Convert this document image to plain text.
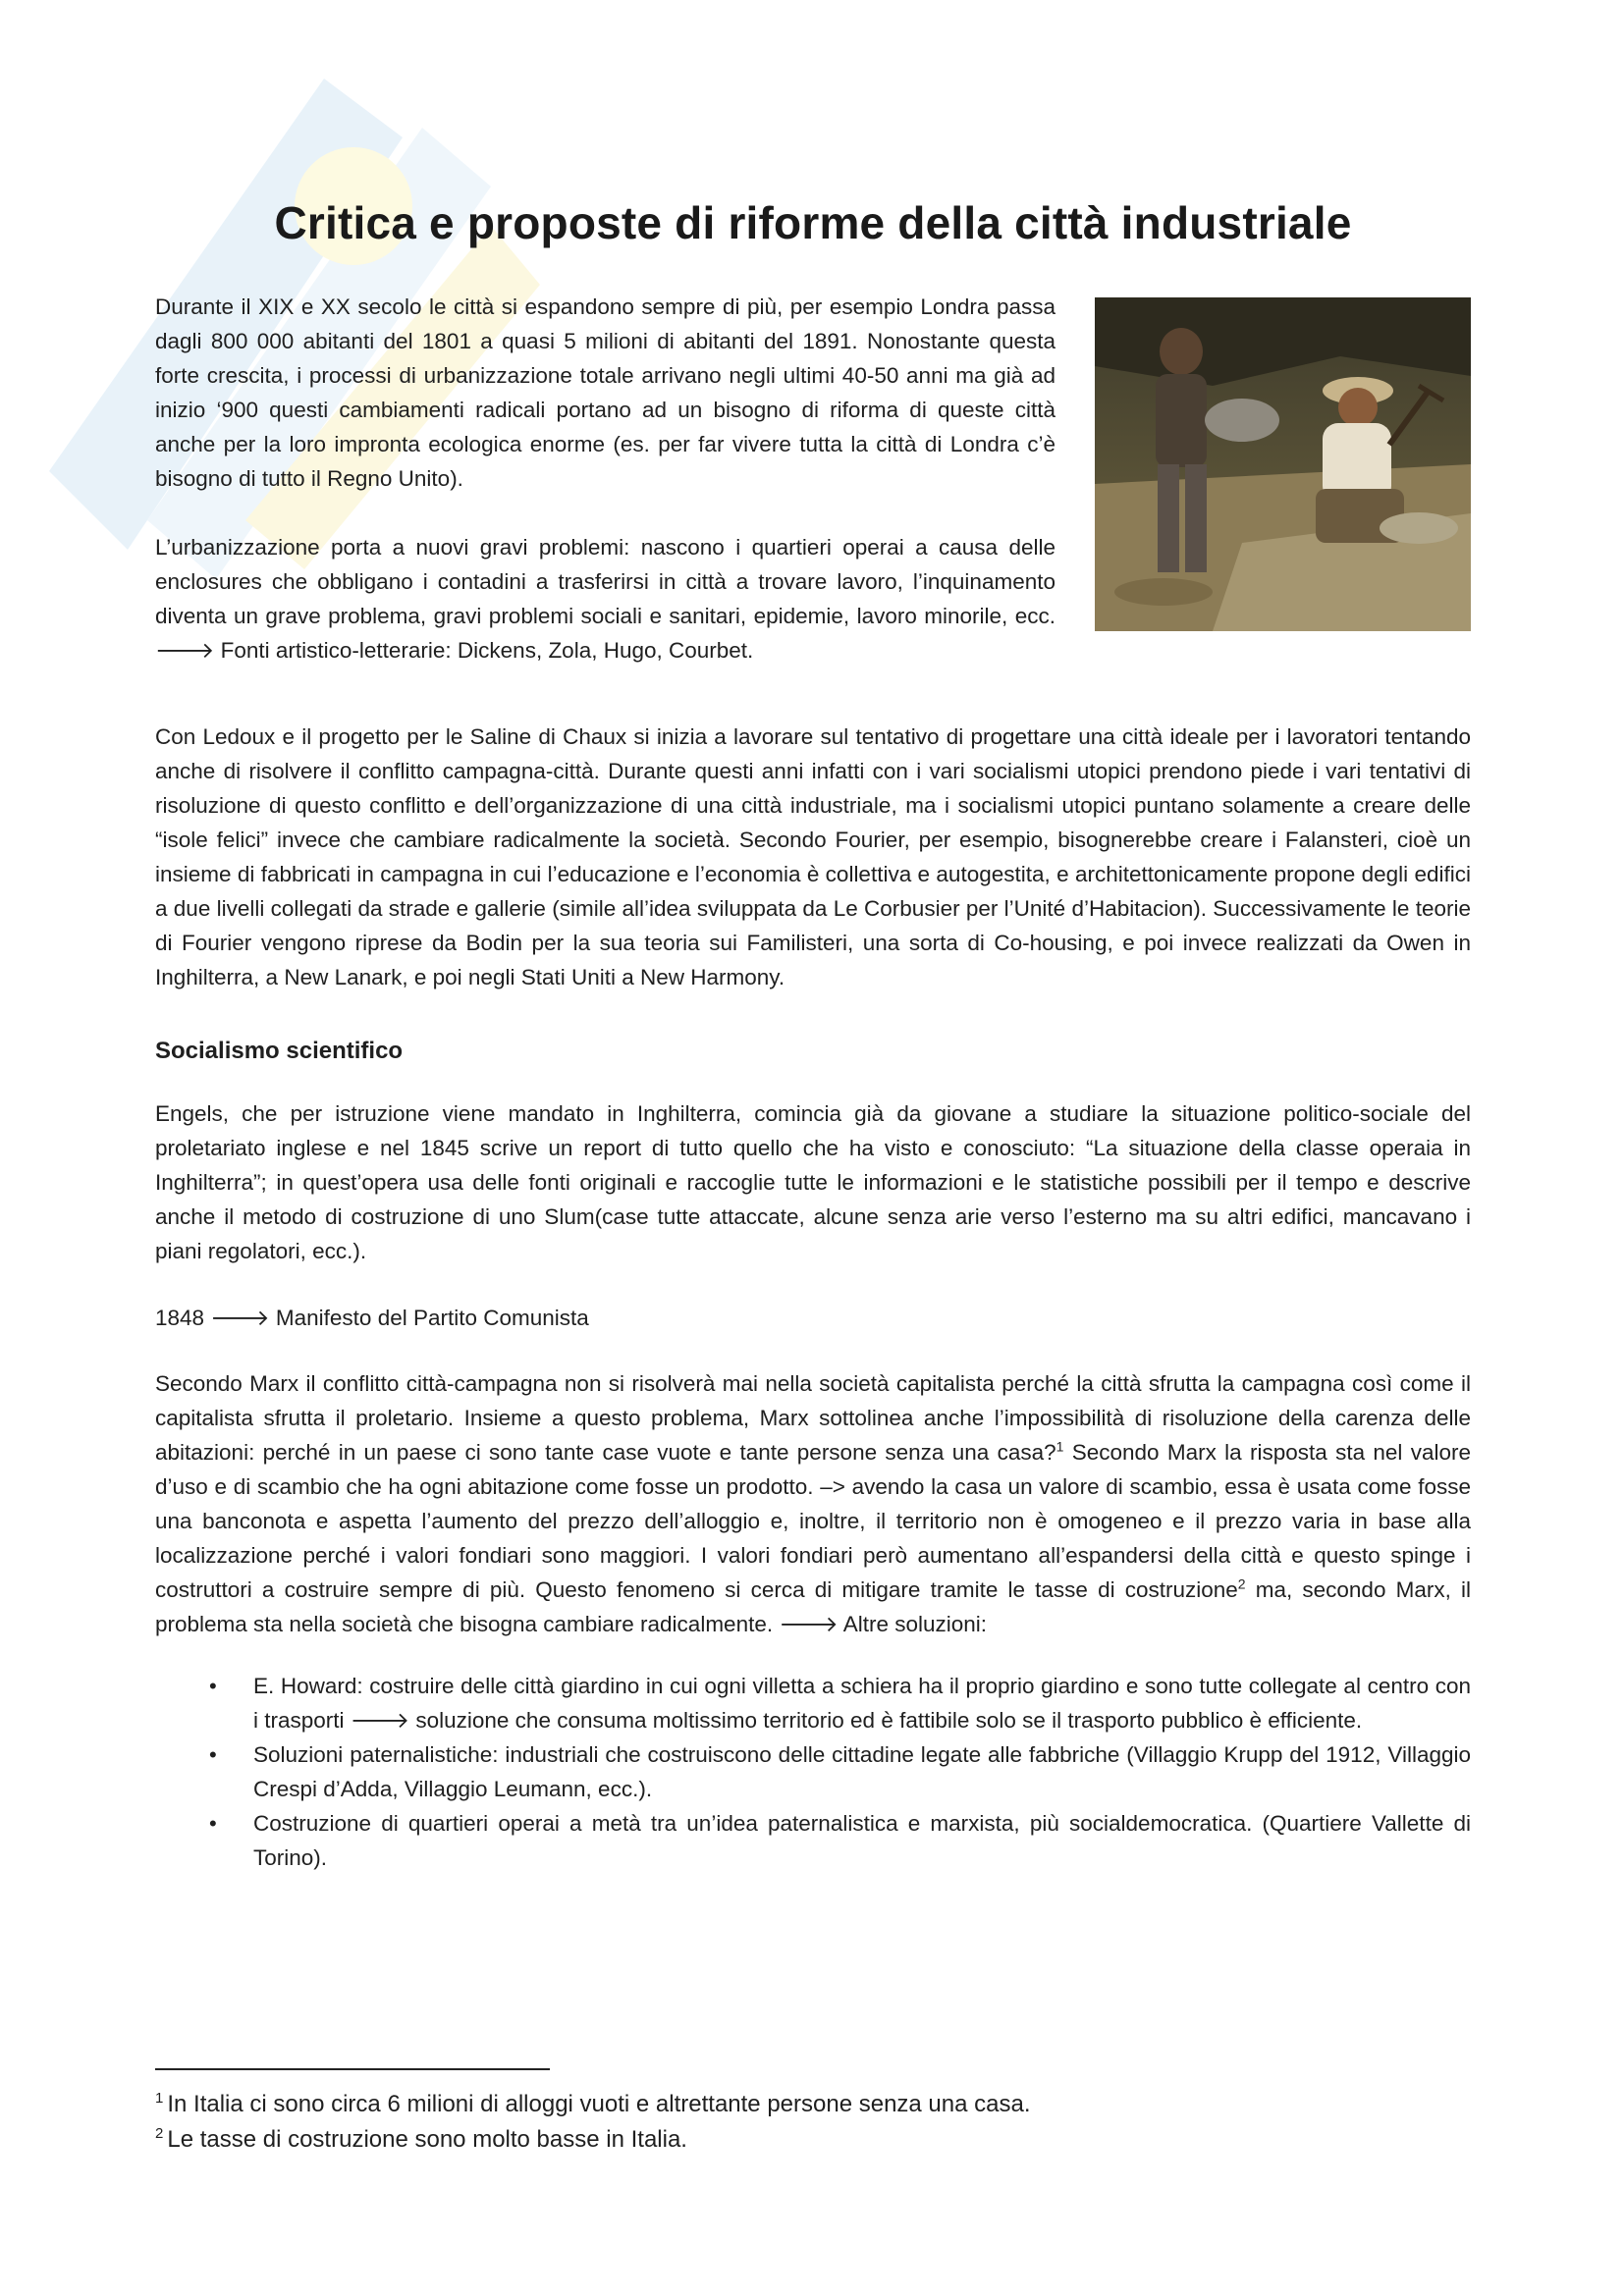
Critica e proposte di riforme della città industriale

Durante il XIX e XX secolo le città si espandono sempre di più, per esempio Londra passa dagli 800 000 abitanti del 1801 a quasi 5 milioni di abitanti del 1891. Nonostante questa forte crescita, i processi di urbanizzazione totale arrivano negli ultimi 40-50 anni ma già ad inizio ‘900 questi cambiamenti radicali portano ad un bisogno di riforma di queste città anche per la loro impronta ecologica enorme (es. per far vivere tutta la città di Londra c’è bisogno di tutto il Regno Unito).

L’urbanizzazione porta a nuovi gravi problemi: nascono i quartieri operai a causa delle enclosures che obbligano i contadini a trasferirsi in città a trovare lavoro, l’inquinamento diventa un grave problema, gravi problemi sociali e sanitari, epidemie, lavoro minorile, ecc. 🡒 Fonti artistico-letterarie: Dickens, Zola, Hugo, Courbet.

Con Ledoux e il progetto per le Saline di Chaux si inizia a lavorare sul tentativo di progettare una città ideale per i lavoratori tentando anche di risolvere il conflitto campagna-città. Durante questi anni infatti con i vari socialismi utopici prendono piede i vari tentativi di risoluzione di questo conflitto e dell’organizzazione di una città industriale, ma i socialismi utopici puntano solamente a creare delle “isole felici” invece che cambiare radicalmente la società. Secondo Fourier, per esempio, bisognerebbe creare i Falansteri, cioè un insieme di fabbricati in campagna in cui l’educazione e l’economia è collettiva e autogestita, e architettonicamente propone degli edifici a due livelli collegati da strade e gallerie (simile all’idea sviluppata da Le Corbusier per l’Unité d’Habitacion). Successivamente le teorie di Fourier vengono riprese da Bodin per la sua teoria sui Familisteri, una sorta di Co-housing, e poi invece realizzati da Owen in Inghilterra, a New Lanark, e poi negli Stati Uniti a New Harmony.

Socialismo scientifico

Engels, che per istruzione viene mandato in Inghilterra, comincia già da giovane a studiare la situazione politico-sociale del proletariato inglese e nel 1845 scrive un report di tutto quello che ha visto e conosciuto: “La situazione della classe operaia in Inghilterra”; in quest’opera usa delle fonti originali e raccoglie tutte le informazioni e le statistiche possibili per il tempo e descrive anche il metodo di costruzione di uno Slum(case tutte attaccate, alcune senza arie verso l’esterno ma su altri edifici, mancavano i piani regolatori, ecc.).

1848 🡒 Manifesto del Partito Comunista

Secondo Marx il conflitto città-campagna non si risolverà mai nella società capitalista perché la città sfrutta la campagna così come il capitalista sfrutta il proletario. Insieme a questo problema, Marx sottolinea anche l’impossibilità di risoluzione della carenza delle abitazioni: perché in un paese ci sono tante case vuote e tante persone senza una casa?$^1$ Secondo Marx la risposta sta nel valore d’uso e di scambio che ha ogni abitazione come fosse un prodotto. –> avendo la casa un valore di scambio, essa è usata come fosse una banconota e aspetta l’aumento del prezzo dell’alloggio e, inoltre, il territorio non è omogeneo e il prezzo varia in base alla localizzazione perché i valori fondiari sono maggiori. I valori fondiari però aumentano all’espandersi della città e questo spinge i costruttori a costruire sempre di più. Questo fenomeno si cerca di mitigare tramite le tasse di costruzione$^2$ ma, secondo Marx, il problema sta nella società che bisogna cambiare radicalmente. 🡒 Altre soluzioni:

• E. Howard: costruire delle città giardino in cui ogni villetta a schiera ha il proprio giardino e sono tutte collegate al centro con i trasporti 🡒 soluzione che consuma moltissimo territorio ed è fattibile solo se il trasporto pubblico è efficiente.
• Soluzioni paternalistiche: industriali che costruiscono delle cittadine legate alle fabbriche (Villaggio Krupp del 1912, Villaggio Crespi d’Adda, Villaggio Leumann, ecc.).
• Costruzione di quartieri operai a metà tra un’idea paternalistica e marxista, più socialdemocratica. (Quartiere Vallette di Torino).
$^1$ In Italia ci sono circa 6 milioni di alloggi vuoti e altrettante persone senza una casa.
$^2$ Le tasse di costruzione sono molto basse in Italia.
